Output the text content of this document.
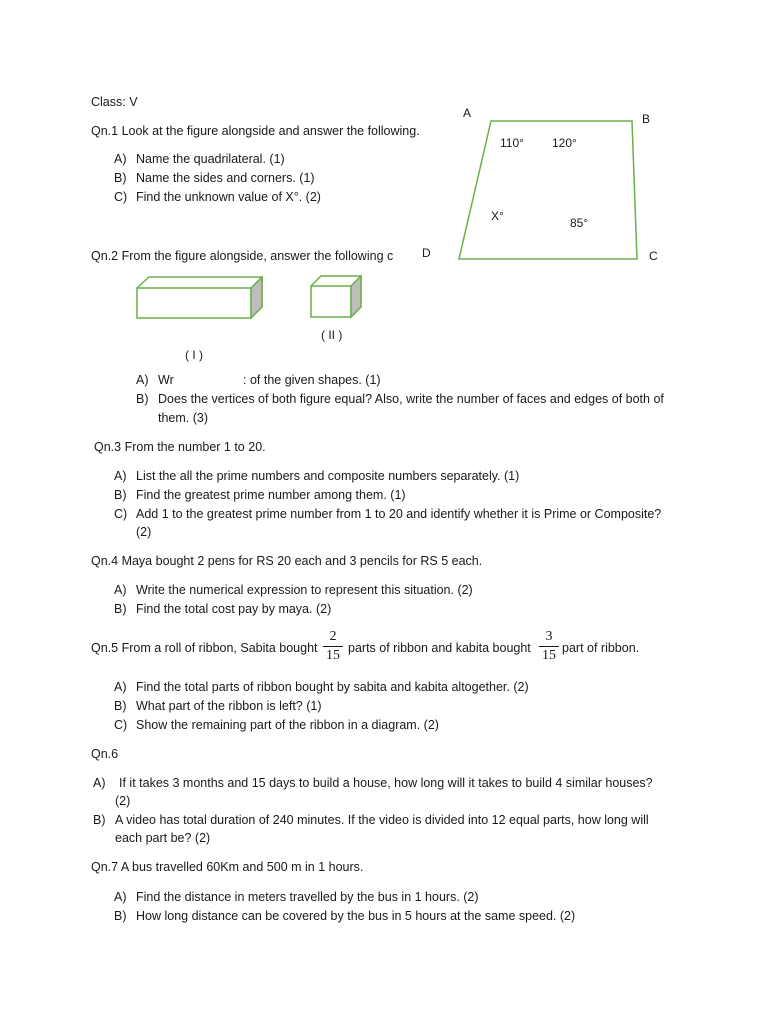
Class: V
Qn.1 Look at the figure alongside and answer the following.
A) Name the quadrilateral. (1)
B) Name the sides and corners. (1)
C) Find the unknown value of X°. (2)
A	B
C
D
110° 120°
X°	85°
Qn.2 From the figure alongside, answer the following c
( II )
( I )
A) Wr	: of the given shapes. (1)
B) Does the vertices of both figure equal? Also, write the number of faces and edges of both of
them. (3)
Qn.3 From the number 1 to 20.
A) List the all the prime numbers and composite numbers separately. (1)
B) Find the greatest prime number among them. (1)
C) Add 1 to the greatest prime number from 1 to 20 and identify whether it is Prime or Composite?
(2)
Qn.4 Maya bought 2 pens for RS 20 each and 3 pencils for RS 5 each.
A) Write the numerical expression to represent this situation. (2)
B) Find the total cost pay by maya. (2)
Qn.5 From a roll of ribbon, Sabita bought
2
15 parts of ribbon and kabita bought
3
15 part of ribbon.
A) Find the total parts of ribbon bought by sabita and kabita altogether. (2)
B) What part of the ribbon is left? (1)
C) Show the remaining part of the ribbon in a diagram. (2)
Qn.6
A) If it takes 3 months and 15 days to build a house, how long will it takes to build 4 similar houses?
(2)
B) A video has total duration of 240 minutes. If the video is divided into 12 equal parts, how long will
each part be? (2)
Qn.7 A bus travelled 60Km and 500 m in 1 hours.
A) Find the distance in meters travelled by the bus in 1 hours. (2)
B) How long distance can be covered by the bus in 5 hours at the same speed. (2)
